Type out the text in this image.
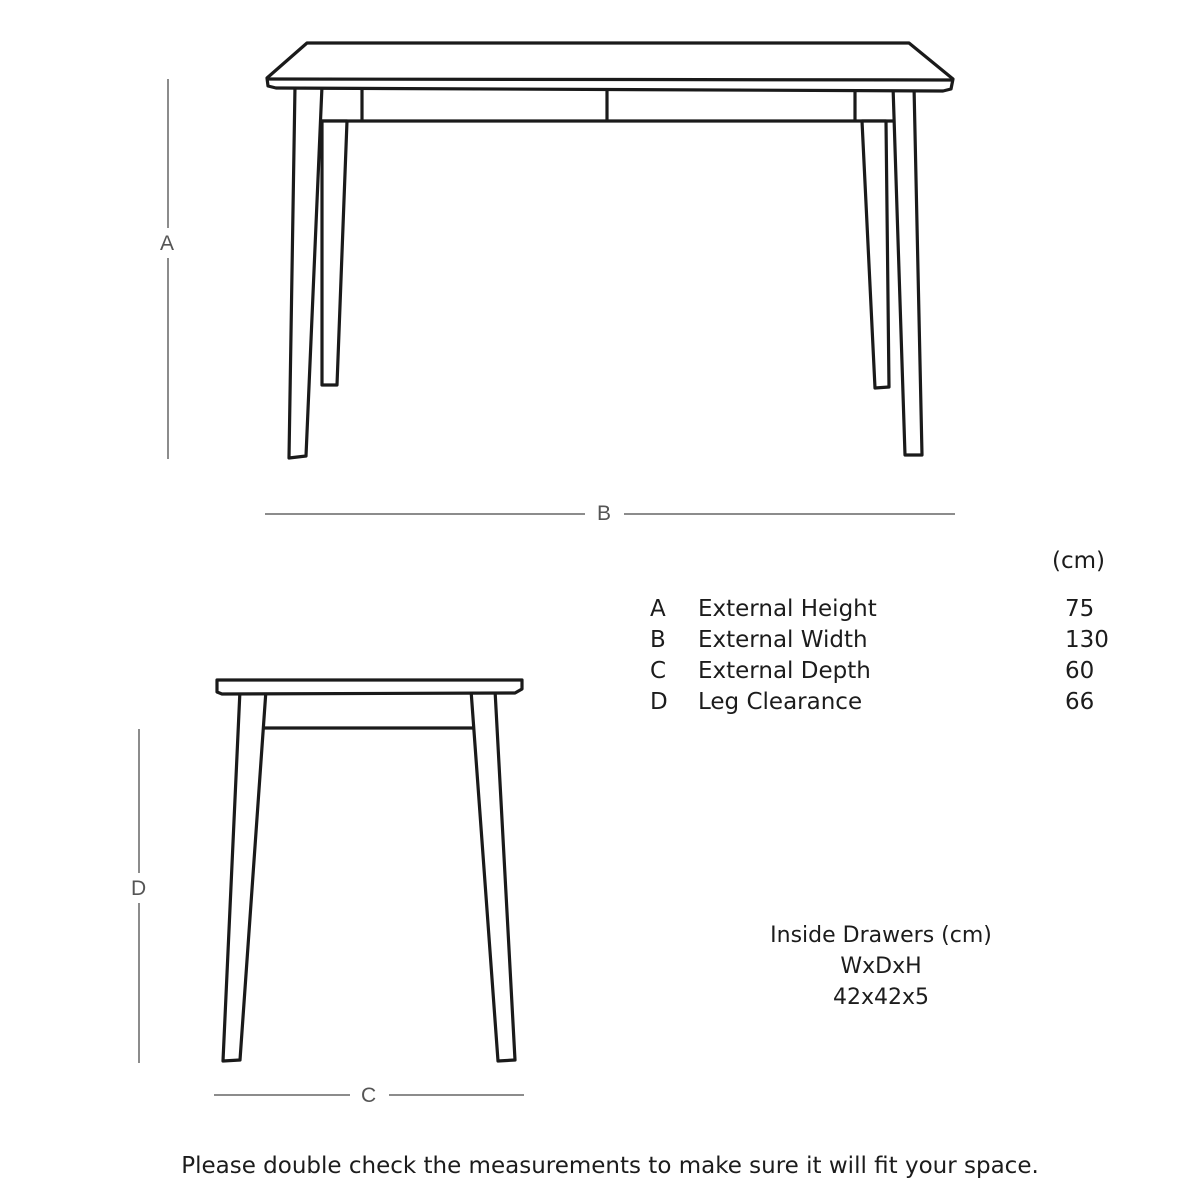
A
B
D
C
(cm)
A External Height	75
B External Width	130
C External Depth	60
D Leg Clearance	66
Inside Drawers (cm)
WxDxH
42x42x5
Please double check the measurements to make sure it will fit your space.
